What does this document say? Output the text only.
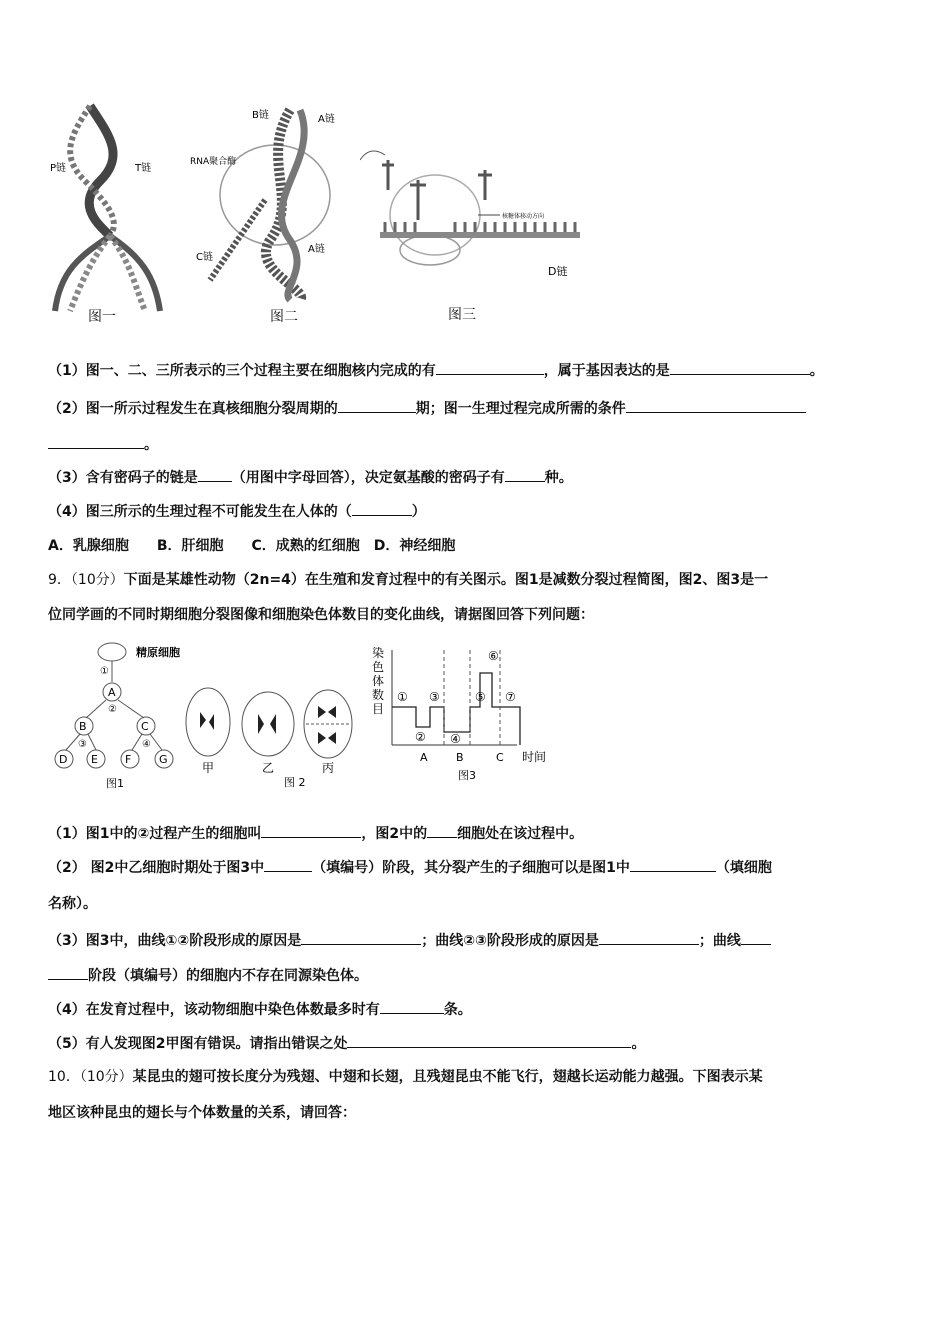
P链	T链
图一
B链	A链
RNA聚合酶
C链
A链
图二
核糖体移动方向
D链
图三
（1）图一、二、三所表示的三个过程主要在细胞核内完成的有	，属于基因表达的是	。
（2）图一所示过程发生在真核细胞分裂周期的	期；图一生理过程完成所需的条件
。
（3）含有密码子的链是 （用图中字母回答），决定氨基酸的密码子有	种。
（4）图三所示的生理过程不可能发生在人体的（	）
A．乳腺细胞　　B．肝细胞　　C．成熟的红细胞　D．神经细胞
9．（10分）下面是某雄性动物（2n=4）在生殖和发育过程中的有关图示。图1是减数分裂过程简图，图2、图3是一
位同学画的不同时期细胞分裂图像和细胞染色体数目的变化曲线，请据图回答下列问题：
精原细胞
①
A
②
B	C
③	④
D E F	G
图1
甲	乙	丙
图 2
染
色
体
数
目
①
②
③
④
⑤
⑥
⑦
A	B	C 时间
图3
（1）图1中的②过程产生的细胞叫	，图2中的 细胞处在该过程中。
（2） 图2中乙细胞时期处于图3中	（填编号）阶段，其分裂产生的子细胞可以是图1中	（填细胞
名称）。
（3）图3中，曲线①②阶段形成的原因是	；曲线②③阶段形成的原因是	；曲线
阶段（填编号）的细胞内不存在同源染色体。
（4）在发育过程中，该动物细胞中染色体数最多时有	条。
（5）有人发现图2甲图有错误。请指出错误之处	。
10．（10分）某昆虫的翅可按长度分为残翅、中翅和长翅，且残翅昆虫不能飞行，翅越长运动能力越强。下图表示某
地区该种昆虫的翅长与个体数量的关系，请回答：
